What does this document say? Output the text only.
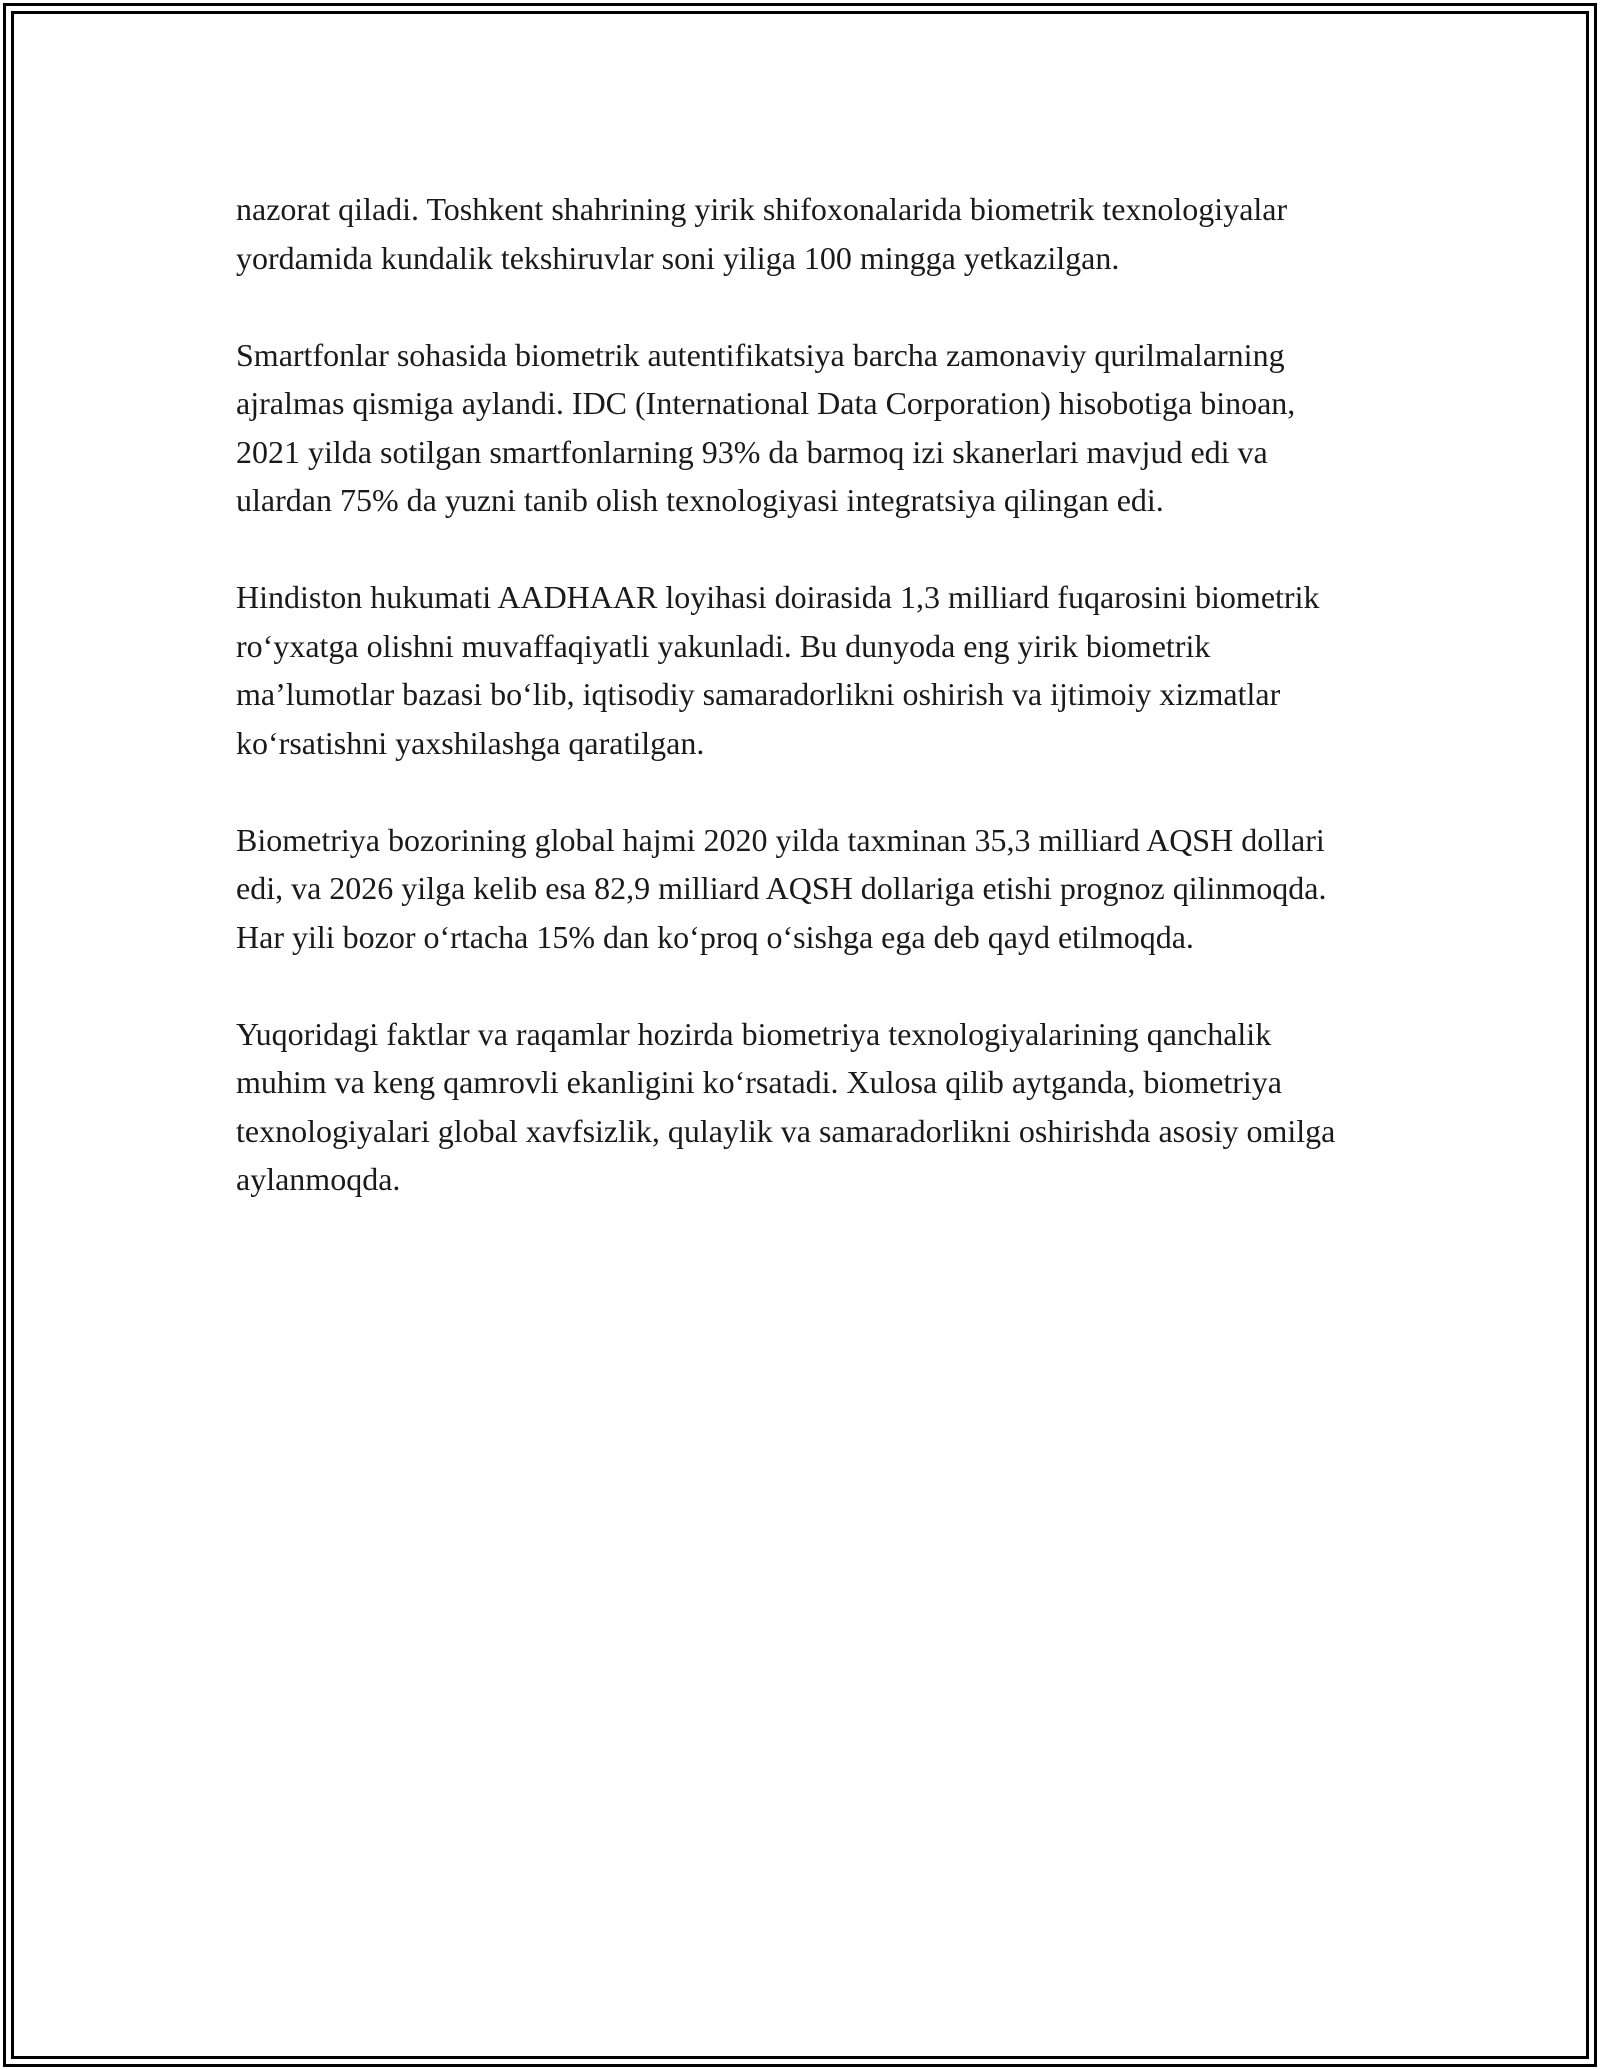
nazorat qiladi. Toshkent shahrining yirik shifoxonalarida biometrik texnologiyalar yordamida kundalik tekshiruvlar soni yiliga 100 mingga yetkazilgan.

Smartfonlar sohasida biometrik autentifikatsiya barcha zamonaviy qurilmalarning ajralmas qismiga aylandi. IDC (International Data Corporation) hisobotiga binoan, 2021 yilda sotilgan smartfonlarning 93% da barmoq izi skanerlari mavjud edi va ulardan 75% da yuzni tanib olish texnologiyasi integratsiya qilingan edi.

Hindiston hukumati AADHAAR loyihasi doirasida 1,3 milliard fuqarosini biometrik ro‘yxatga olishni muvaffaqiyatli yakunladi. Bu dunyoda eng yirik biometrik ma’lumotlar bazasi bo‘lib, iqtisodiy samaradorlikni oshirish va ijtimoiy xizmatlar ko‘rsatishni yaxshilashga qaratilgan.

Biometriya bozorining global hajmi 2020 yilda taxminan 35,3 milliard AQSH dollari edi, va 2026 yilga kelib esa 82,9 milliard AQSH dollariga etishi prognoz qilinmoqda. Har yili bozor o‘rtacha 15% dan ko‘proq o‘sishga ega deb qayd etilmoqda.

Yuqoridagi faktlar va raqamlar hozirda biometriya texnologiyalarining qanchalik muhim va keng qamrovli ekanligini ko‘rsatadi. Xulosa qilib aytganda, biometriya texnologiyalari global xavfsizlik, qulaylik va samaradorlikni oshirishda asosiy omilga aylanmoqda.
